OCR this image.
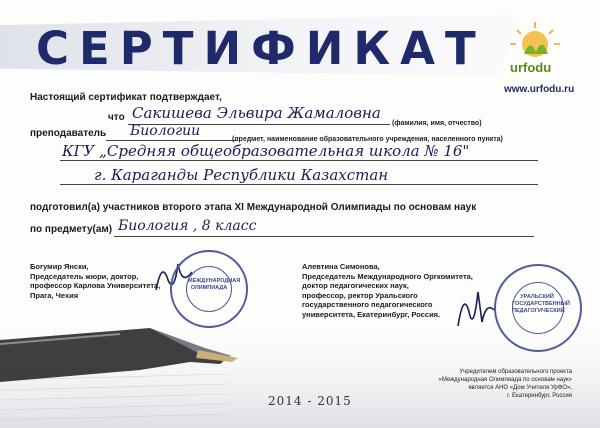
СЕРТИФИКАТ urfodu
www.urfodu.ru
Настоящий сертификат подтверждает,
что Сакишева Эльвира Жамаловна
(фамилия, имя, отчество)
преподаватель Биологии
(предмет, наименование образовательного учреждения, населенного пункта)
КГУ „Средняя общеобразовательная школа № 16"
г. Караганды Республики Казахстан
подготовил(а) участников второго этапа XI Международной Олимпиады по основам наук
по предмету(ам) Биология , 8 класс
Богумир Янски,
Председатель жюри, доктор,
профессор Карлова Университета,
Прага, Чехия
МЕЖДУНАРОДНАЯ ОЛИМПИАДА
Алевтина Симонова,
Председатель Международного Оргкомитета,
доктор педагогических наук,
профессор, ректор Уральского
государственного педагогического
университета, Екатеринбург, Россия.
УРАЛЬСКИЙ ГОСУДАРСТВЕННЫЙ ПЕДАГОГИЧЕСКИЙ
Учредителем образовательного проекта
«Международная Олимпиада по основам наук»
является АНО «Дом Учителя УрФО»,
г. Екатеринбург, Россия
2014 - 2015
